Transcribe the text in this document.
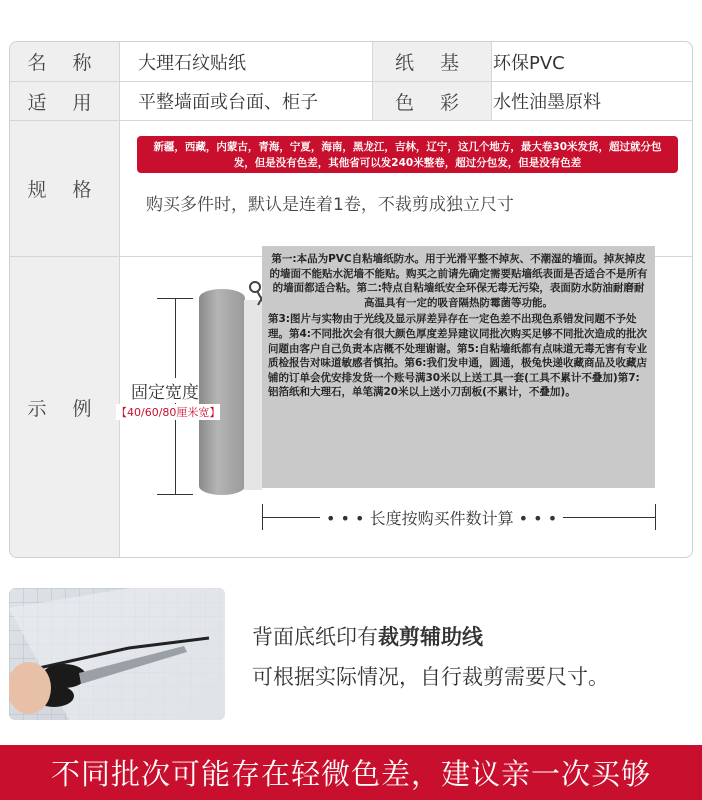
名 称	大理石纹贴纸	纸 基	环保PVC
适 用	平整墙面或台面、柜子	色 彩	水性油墨原料
规 格
新疆，西藏，内蒙古，青海，宁夏，海南，黑龙江，吉林，辽宁，这几个地方，最大卷30米发货，超过就分包发，但是没有色差，其他省可以发240米整卷，超过分包发，但是没有色差
购买多件时，默认是连着1卷，不裁剪成独立尺寸
示 例
固定宽度
【40/60/80厘米宽】

第一:本品为PVC自粘墙纸防水。用于光滑平整不掉灰、不潮湿的墙面。掉灰掉皮的墙面不能贴水泥墙不能贴。购买之前请先确定需要贴墙纸表面是否适合不是所有的墙面都适合粘。第二:特点自粘墙纸安全环保无毒无污染，表面防水防油耐磨耐高温具有一定的吸音隔热防霉菌等功能。

第3:图片与实物由于光线及显示屏差异存在一定色差不出现色系错发问题不予处理。第4:不同批次会有很大颜色厚度差异建议同批次购买足够不同批次造成的批次问题由客户自己负责本店概不处理谢谢。第5:自粘墙纸都有点味道无毒无害有专业质检报告对味道敏感者慎拍。第6:我们发申通，圆通，极兔快递收藏商品及收藏店铺的订单会优安排发货一个账号满30米以上送工具一套(工具不累计不叠加)第7:铝箔纸和大理石，单笔满20米以上送小刀刮板(不累计，不叠加)。

• • • 长度按购买件数计算 • • •
背面底纸印有裁剪辅助线
可根据实际情况，自行裁剪需要尺寸。
不同批次可能存在轻微色差，建议亲一次买够
